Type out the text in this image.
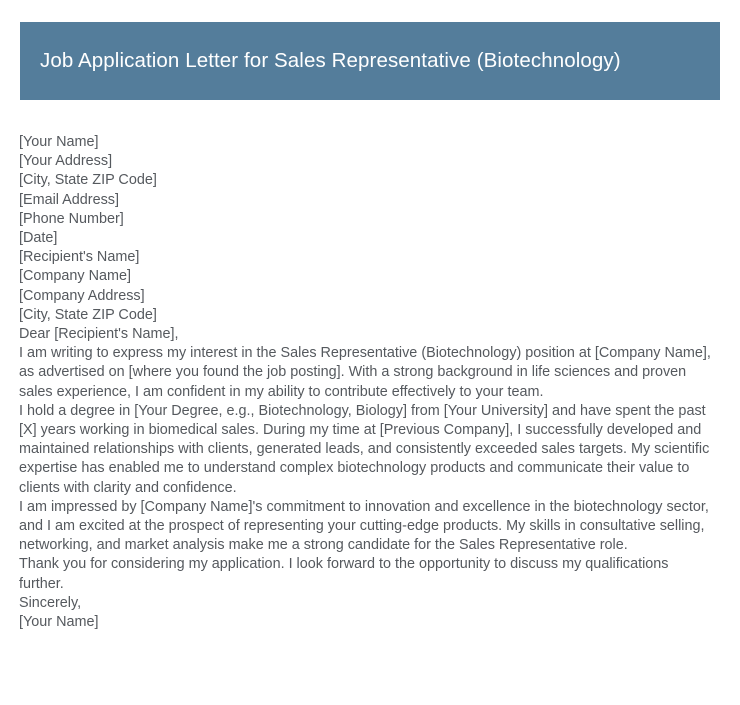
Job Application Letter for Sales Representative (Biotechnology)
[Your Name]
[Your Address]
[City, State ZIP Code]
[Email Address]
[Phone Number]
[Date]
[Recipient's Name]
[Company Name]
[Company Address]
[City, State ZIP Code]
Dear [Recipient's Name],
I am writing to express my interest in the Sales Representative (Biotechnology) position at [Company Name], as advertised on [where you found the job posting]. With a strong background in life sciences and proven sales experience, I am confident in my ability to contribute effectively to your team.
I hold a degree in [Your Degree, e.g., Biotechnology, Biology] from [Your University] and have spent the past [X] years working in biomedical sales. During my time at [Previous Company], I successfully developed and maintained relationships with clients, generated leads, and consistently exceeded sales targets. My scientific expertise has enabled me to understand complex biotechnology products and communicate their value to clients with clarity and confidence.
I am impressed by [Company Name]'s commitment to innovation and excellence in the biotechnology sector, and I am excited at the prospect of representing your cutting-edge products. My skills in consultative selling, networking, and market analysis make me a strong candidate for the Sales Representative role.
Thank you for considering my application. I look forward to the opportunity to discuss my qualifications further.
Sincerely,
[Your Name]
